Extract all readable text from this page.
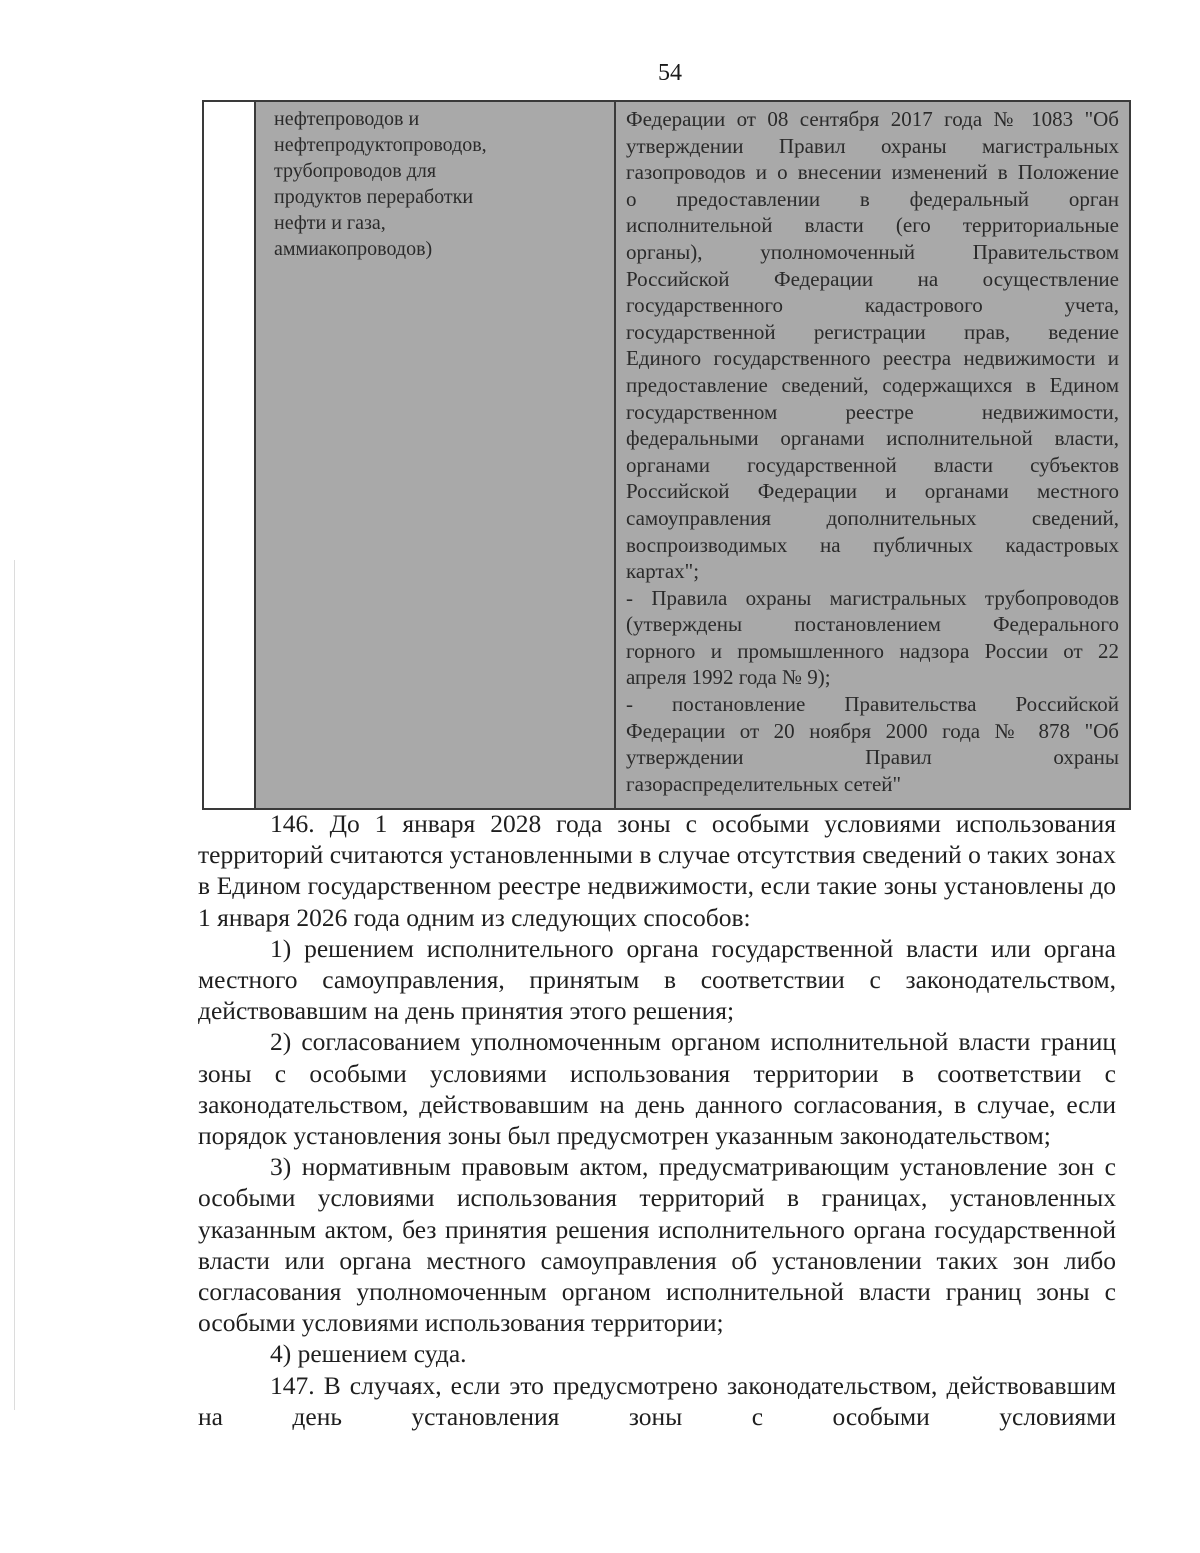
54

нефтепроводов и
нефтепродуктопроводов,
трубопроводов для
продуктов переработки
нефти и газа,
аммиакопроводов)

Федерации от 08 сентября 2017 года № 1083 "Об
утверждении Правил охраны магистральных
газопроводов и о внесении изменений в Положение
о предоставлении в федеральный орган
исполнительной власти (его территориальные
органы), уполномоченный Правительством
Российской Федерации на осуществление
государственного кадастрового учета,
государственной регистрации прав, ведение
Единого государственного реестра недвижимости и
предоставление сведений, содержащихся в Едином
государственном реестре недвижимости,
федеральными органами исполнительной власти,
органами государственной власти субъектов
Российской Федерации и органами местного
самоуправления дополнительных сведений,
воспроизводимых на публичных кадастровых
картах";
- Правила охраны магистральных трубопроводов
(утверждены постановлением Федерального
горного и промышленного надзора России от 22
апреля 1992 года № 9);
- постановление Правительства Российской
Федерации от 20 ноября 2000 года № 878 "Об
утверждении Правил охраны
газораспределительных сетей"

146. До 1 января 2028 года зоны с особыми условиями использования территорий считаются установленными в случае отсутствия сведений о таких зонах в Едином государственном реестре недвижимости, если такие зоны установлены до 1 января 2026 года одним из следующих способов:

1) решением исполнительного органа государственной власти или органа местного самоуправления, принятым в соответствии с законодательством, действовавшим на день принятия этого решения;

2) согласованием уполномоченным органом исполнительной власти границ зоны с особыми условиями использования территории в соответствии с законодательством, действовавшим на день данного согласования, в случае, если порядок установления зоны был предусмотрен указанным законодательством;

3) нормативным правовым актом, предусматривающим установление зон с особыми условиями использования территорий в границах, установленных указанным актом, без принятия решения исполнительного органа государственной власти или органа местного самоуправления об установлении таких зон либо согласования уполномоченным органом исполнительной власти границ зоны с особыми условиями использования территории;

4) решением суда.

147. В случаях, если это предусмотрено законодательством, действовавшим на день установления зоны с особыми условиями
